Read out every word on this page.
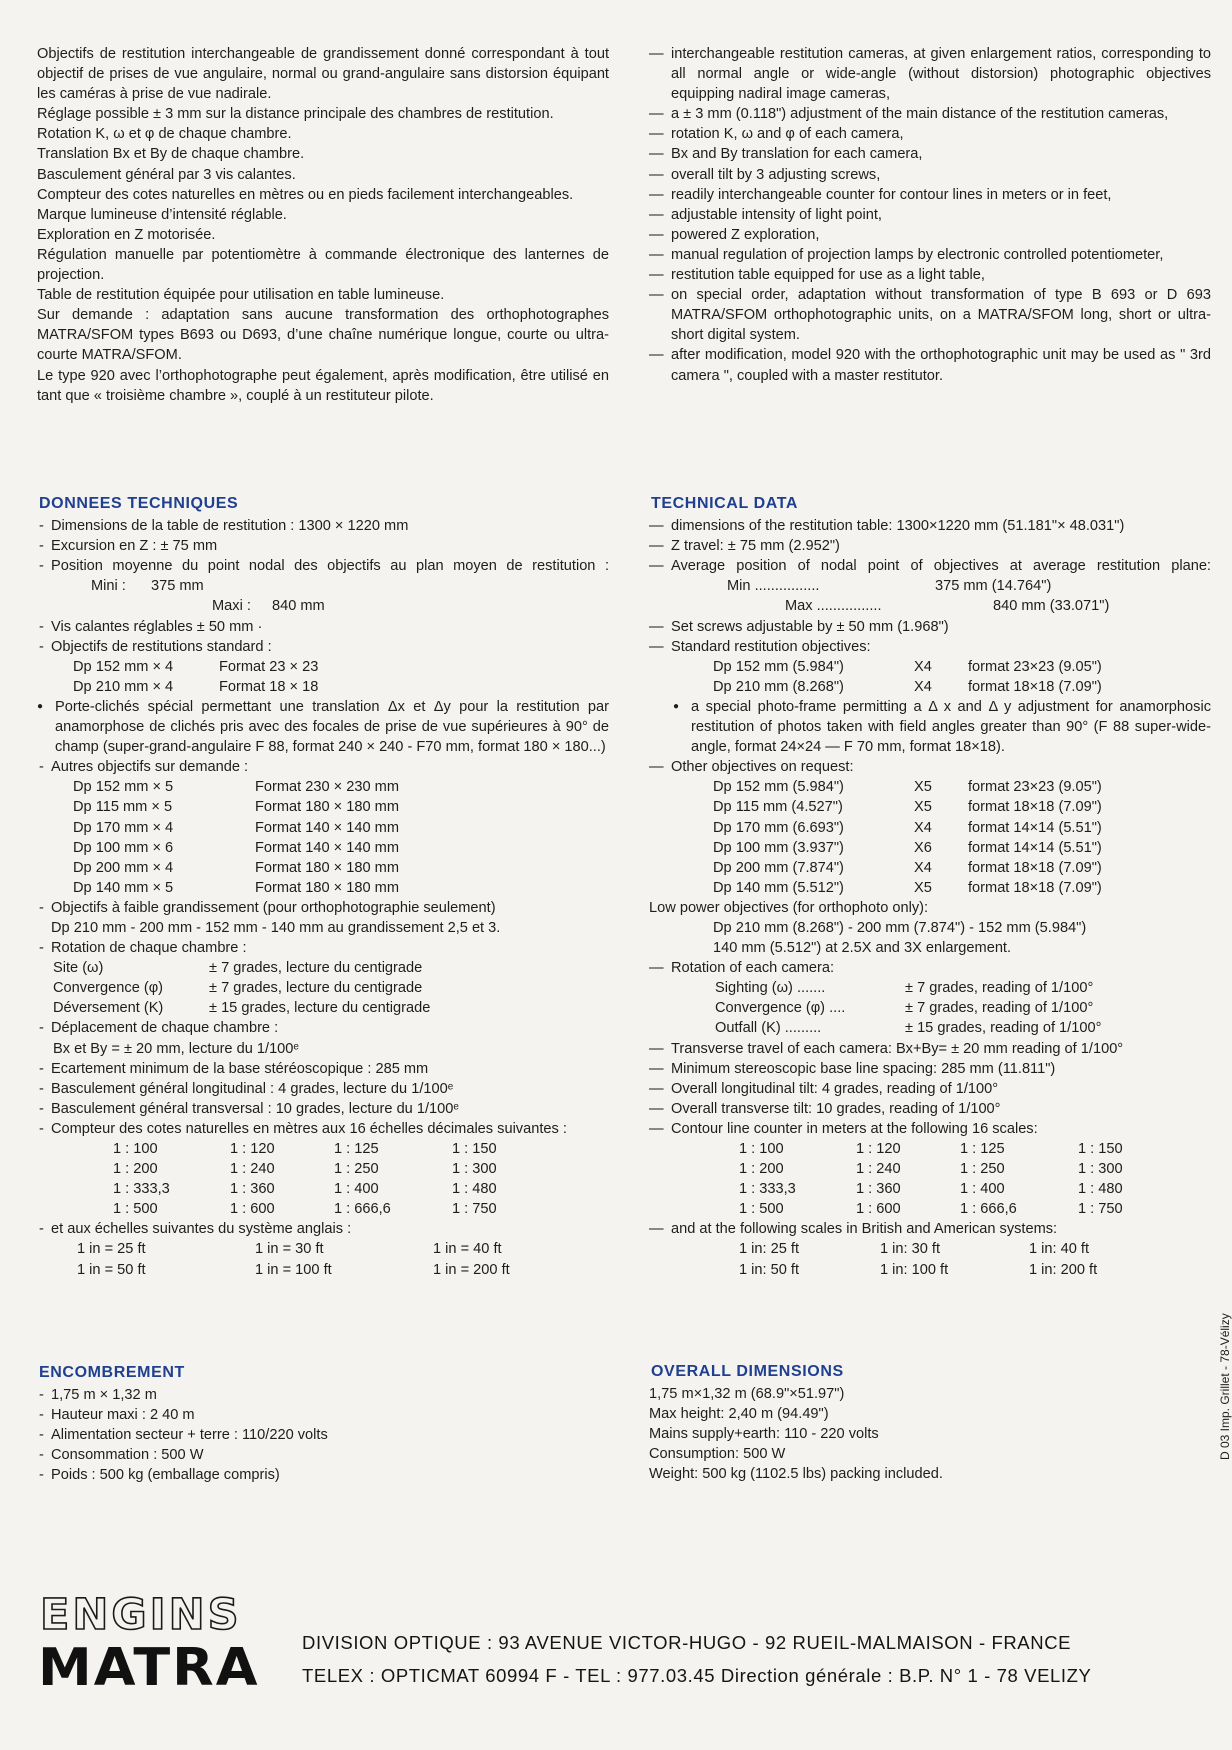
Objectifs de restitution interchangeable de grandissement donné correspondant à tout objectif de prises de vue angulaire, normal ou grand-angulaire sans distorsion équipant les caméras à prise de vue nadirale.

Réglage possible ± 3 mm sur la distance principale des chambres de restitution.

Rotation K, ω et φ de chaque chambre.

Translation Bx et By de chaque chambre.

Basculement général par 3 vis calantes.

Compteur des cotes naturelles en mètres ou en pieds facilement interchangeables.

Marque lumineuse d’intensité réglable.

Exploration en Z motorisée.

Régulation manuelle par potentiomètre à commande électronique des lanternes de projection.

Table de restitution équipée pour utilisation en table lumineuse.

Sur demande : adaptation sans aucune transformation des orthophotographes MATRA/SFOM types B693 ou D693, d’une chaîne numérique longue, courte ou ultra-courte MATRA/SFOM.

Le type 920 avec l’orthophotographe peut également, après modification, être utilisé en tant que « troisième chambre », couplé à un restituteur pilote.

— interchangeable restitution cameras, at given enlargement ratios, corresponding to all normal angle or wide-angle (without distorsion) photographic objectives equipping nadiral image cameras,
— a ± 3 mm (0.118") adjustment of the main distance of the restitution cameras,
— rotation K, ω and φ of each camera,
— Bx and By translation for each camera,
— overall tilt by 3 adjusting screws,
— readily interchangeable counter for contour lines in meters or in feet,
— adjustable intensity of light point,
— powered Z exploration,
— manual regulation of projection lamps by electronic controlled potentiometer,
— restitution table equipped for use as a light table,
— on special order, adaptation without transformation of type B 693 or D 693 MATRA/SFOM orthophotographic units, on a MATRA/SFOM long, short or ultra-short digital system.
— after modification, model 920 with the orthophotographic unit may be used as " 3rd camera ", coupled with a master restitutor.
DONNEES TECHNIQUES
- Dimensions de la table de restitution : 1300 × 1220 mm
- Excursion en Z : ± 75 mm
- Position moyenne du point nodal des objectifs au plan moyen de restitution : Mini : 375 mm
Maxi : 840 mm
- Vis calantes réglables ± 50 mm ·
- Objectifs de restitutions standard :
Dp 152 mm × 4	Format 23 × 23
Dp 210 mm × 4	Format 18 × 18
● Porte-clichés spécial permettant une translation Δx et Δy pour la restitution par anamorphose de clichés pris avec des focales de prise de vue supérieures à 90° de champ (super-grand-angulaire F 88, format 240 × 240 - F70 mm, format 180 × 180...)
- Autres objectifs sur demande :
Dp 152 mm × 5	Format 230 × 230 mm
Dp 115 mm × 5	Format 180 × 180 mm
Dp 170 mm × 4	Format 140 × 140 mm
Dp 100 mm × 6	Format 140 × 140 mm
Dp 200 mm × 4	Format 180 × 180 mm
Dp 140 mm × 5	Format 180 × 180 mm
- Objectifs à faible grandissement (pour orthophotographie seulement)
Dp 210 mm - 200 mm - 152 mm - 140 mm au grandissement 2,5 et 3.
- Rotation de chaque chambre :
Site (ω)	± 7 grades, lecture du centigrade
Convergence (φ)	± 7 grades, lecture du centigrade
Déversement (K)	± 15 grades, lecture du centigrade
- Déplacement de chaque chambre :
Bx et By = ± 20 mm, lecture du 1/100ᵉ
- Ecartement minimum de la base stéréoscopique : 285 mm
- Basculement général longitudinal : 4 grades, lecture du 1/100ᵉ
- Basculement général transversal : 10 grades, lecture du 1/100ᵉ
- Compteur des cotes naturelles en mètres aux 16 échelles décimales suivantes :
1 : 100	1 : 120	1 : 125	1 : 150
1 : 200	1 : 240	1 : 250	1 : 300
1 : 333,3	1 : 360	1 : 400	1 : 480
1 : 500	1 : 600	1 : 666,6	1 : 750
- et aux échelles suivantes du système anglais :
1 in = 25 ft	1 in = 30 ft	1 in = 40 ft
1 in = 50 ft	1 in = 100 ft	1 in = 200 ft
TECHNICAL DATA
— dimensions of the restitution table: 1300×1220 mm (51.181"× 48.031")
— Z travel: ± 75 mm (2.952")
— Average position of nodal point of objectives at average restitution plane: Min ................	375 mm (14.764")
Max ................	840 mm (33.071")
— Set screws adjustable by ± 50 mm (1.968")
— Standard restitution objectives:
Dp 152 mm (5.984")	X4 format 23×23 (9.05")
Dp 210 mm (8.268")	X4 format 18×18 (7.09")
● a special photo-frame permitting a Δ x and Δ y adjustment for anamorphosic restitution of photos taken with field angles greater than 90° (F 88 super-wide-angle, format 24×24 — F 70 mm, format 18×18).
— Other objectives on request:
Dp 152 mm (5.984")	X5 format 23×23 (9.05")
Dp 115 mm (4.527")	X5 format 18×18 (7.09")
Dp 170 mm (6.693")	X4 format 14×14 (5.51")
Dp 100 mm (3.937")	X6 format 14×14 (5.51")
Dp 200 mm (7.874")	X4 format 18×18 (7.09")
Dp 140 mm (5.512")	X5 format 18×18 (7.09")
Low power objectives (for orthophoto only):
Dp 210 mm (8.268") - 200 mm (7.874") - 152 mm (5.984")
140 mm (5.512") at 2.5X and 3X enlargement.
— Rotation of each camera:
Sighting (ω) .......	± 7 grades, reading of 1/100°
Convergence (φ) ....	± 7 grades, reading of 1/100°
Outfall (K) .........	± 15 grades, reading of 1/100°
— Transverse travel of each camera: Bx+By= ± 20 mm reading of 1/100°
— Minimum stereoscopic base line spacing: 285 mm (11.811")
— Overall longitudinal tilt: 4 grades, reading of 1/100°
— Overall transverse tilt: 10 grades, reading of 1/100°
— Contour line counter in meters at the following 16 scales:
1 : 100	1 : 120	1 : 125	1 : 150
1 : 200	1 : 240	1 : 250	1 : 300
1 : 333,3	1 : 360	1 : 400	1 : 480
1 : 500	1 : 600	1 : 666,6	1 : 750
— and at the following scales in British and American systems:
1 in: 25 ft	1 in: 30 ft	1 in: 40 ft
1 in: 50 ft	1 in: 100 ft	1 in: 200 ft
ENCOMBREMENT
- 1,75 m × 1,32 m
- Hauteur maxi : 2 40 m
- Alimentation secteur + terre : 110/220 volts
- Consommation : 500 W
- Poids : 500 kg (emballage compris)
OVERALL DIMENSIONS
1,75 m×1,32 m (68.9"×51.97")
Max height: 2,40 m (94.49")
Mains supply+earth: 110 - 220 volts
Consumption: 500 W
Weight: 500 kg (1102.5 lbs) packing included.
D 03 Imp. Grillet - 78-Vélizy
ENGINS
MATRA DIVISION OPTIQUE : 93 AVENUE VICTOR-HUGO - 92 RUEIL-MALMAISON - FRANCE
TELEX : OPTICMAT 60994 F - TEL : 977.03.45 Direction générale : B.P. N° 1 - 78 VELIZY
